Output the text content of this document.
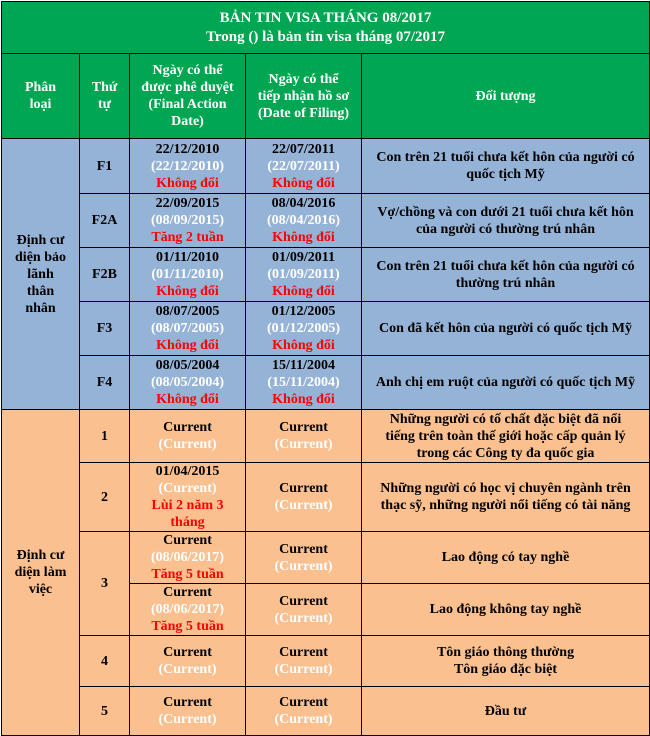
BẢN TIN VISA THÁNG 08/2017
Trong () là bản tin visa tháng 07/2017				

Phân
loại	Thứ
tự	Ngày có thể
được phê duyệt
(Final Action
Date)	Ngày có thể
tiếp nhận hồ sơ
(Date of Filing)	Đối tượng

Định cư
diện bảo
lãnh
thân
nhân	F1	22/12/2010
(22/12/2010)
Không đổi	22/07/2011
(22/07/2011)
Không đổi	Con trên 21 tuổi chưa kết hôn của người có
quốc tịch Mỹ

	F2A	22/09/2015
(08/09/2015)
Tăng 2 tuần	08/04/2016
(08/04/2016)
Không đổi	Vợ/chồng và con dưới 21 tuổi chưa kết hôn
của người có thường trú nhân

	F2B	01/11/2010
(01/11/2010)
Không đổi	01/09/2011
(01/09/2011)
Không đổi	Con trên 21 tuổi chưa kết hôn của người có
thường trú nhân

	F3	08/07/2005
(08/07/2005)
Không đổi	01/12/2005
(01/12/2005)
Không đổi	Con đã kết hôn của người có quốc tịch Mỹ

	F4	08/05/2004
(08/05/2004)
Không đổi	15/11/2004
(15/11/2004)
Không đổi	Anh chị em ruột của người có quốc tịch Mỹ

Định cư
diện làm
việc	1	Current
(Current)	Current
(Current)	Những người có tố chất đặc biệt đã nổi
tiếng trên toàn thế giới hoặc cấp quản lý
trong các Công ty đa quốc gia

	2	01/04/2015
(Current)
Lùi 2 năm 3
tháng	Current
(Current)	Những người có học vị chuyên ngành trên
thạc sỹ, những người nổi tiếng có tài năng

	3	Current
(08/06/2017)
Tăng 5 tuần	Current
(Current)	Lao động có tay nghề

		Current
(08/06/2017)
Tăng 5 tuần	Current
(Current)	Lao động không tay nghề
	4	Current
(Current)	Current
(Current)	Tôn giáo thông thường
Tôn giáo đặc biệt

	5	Current
(Current)	Current
(Current)	Đầu tư
